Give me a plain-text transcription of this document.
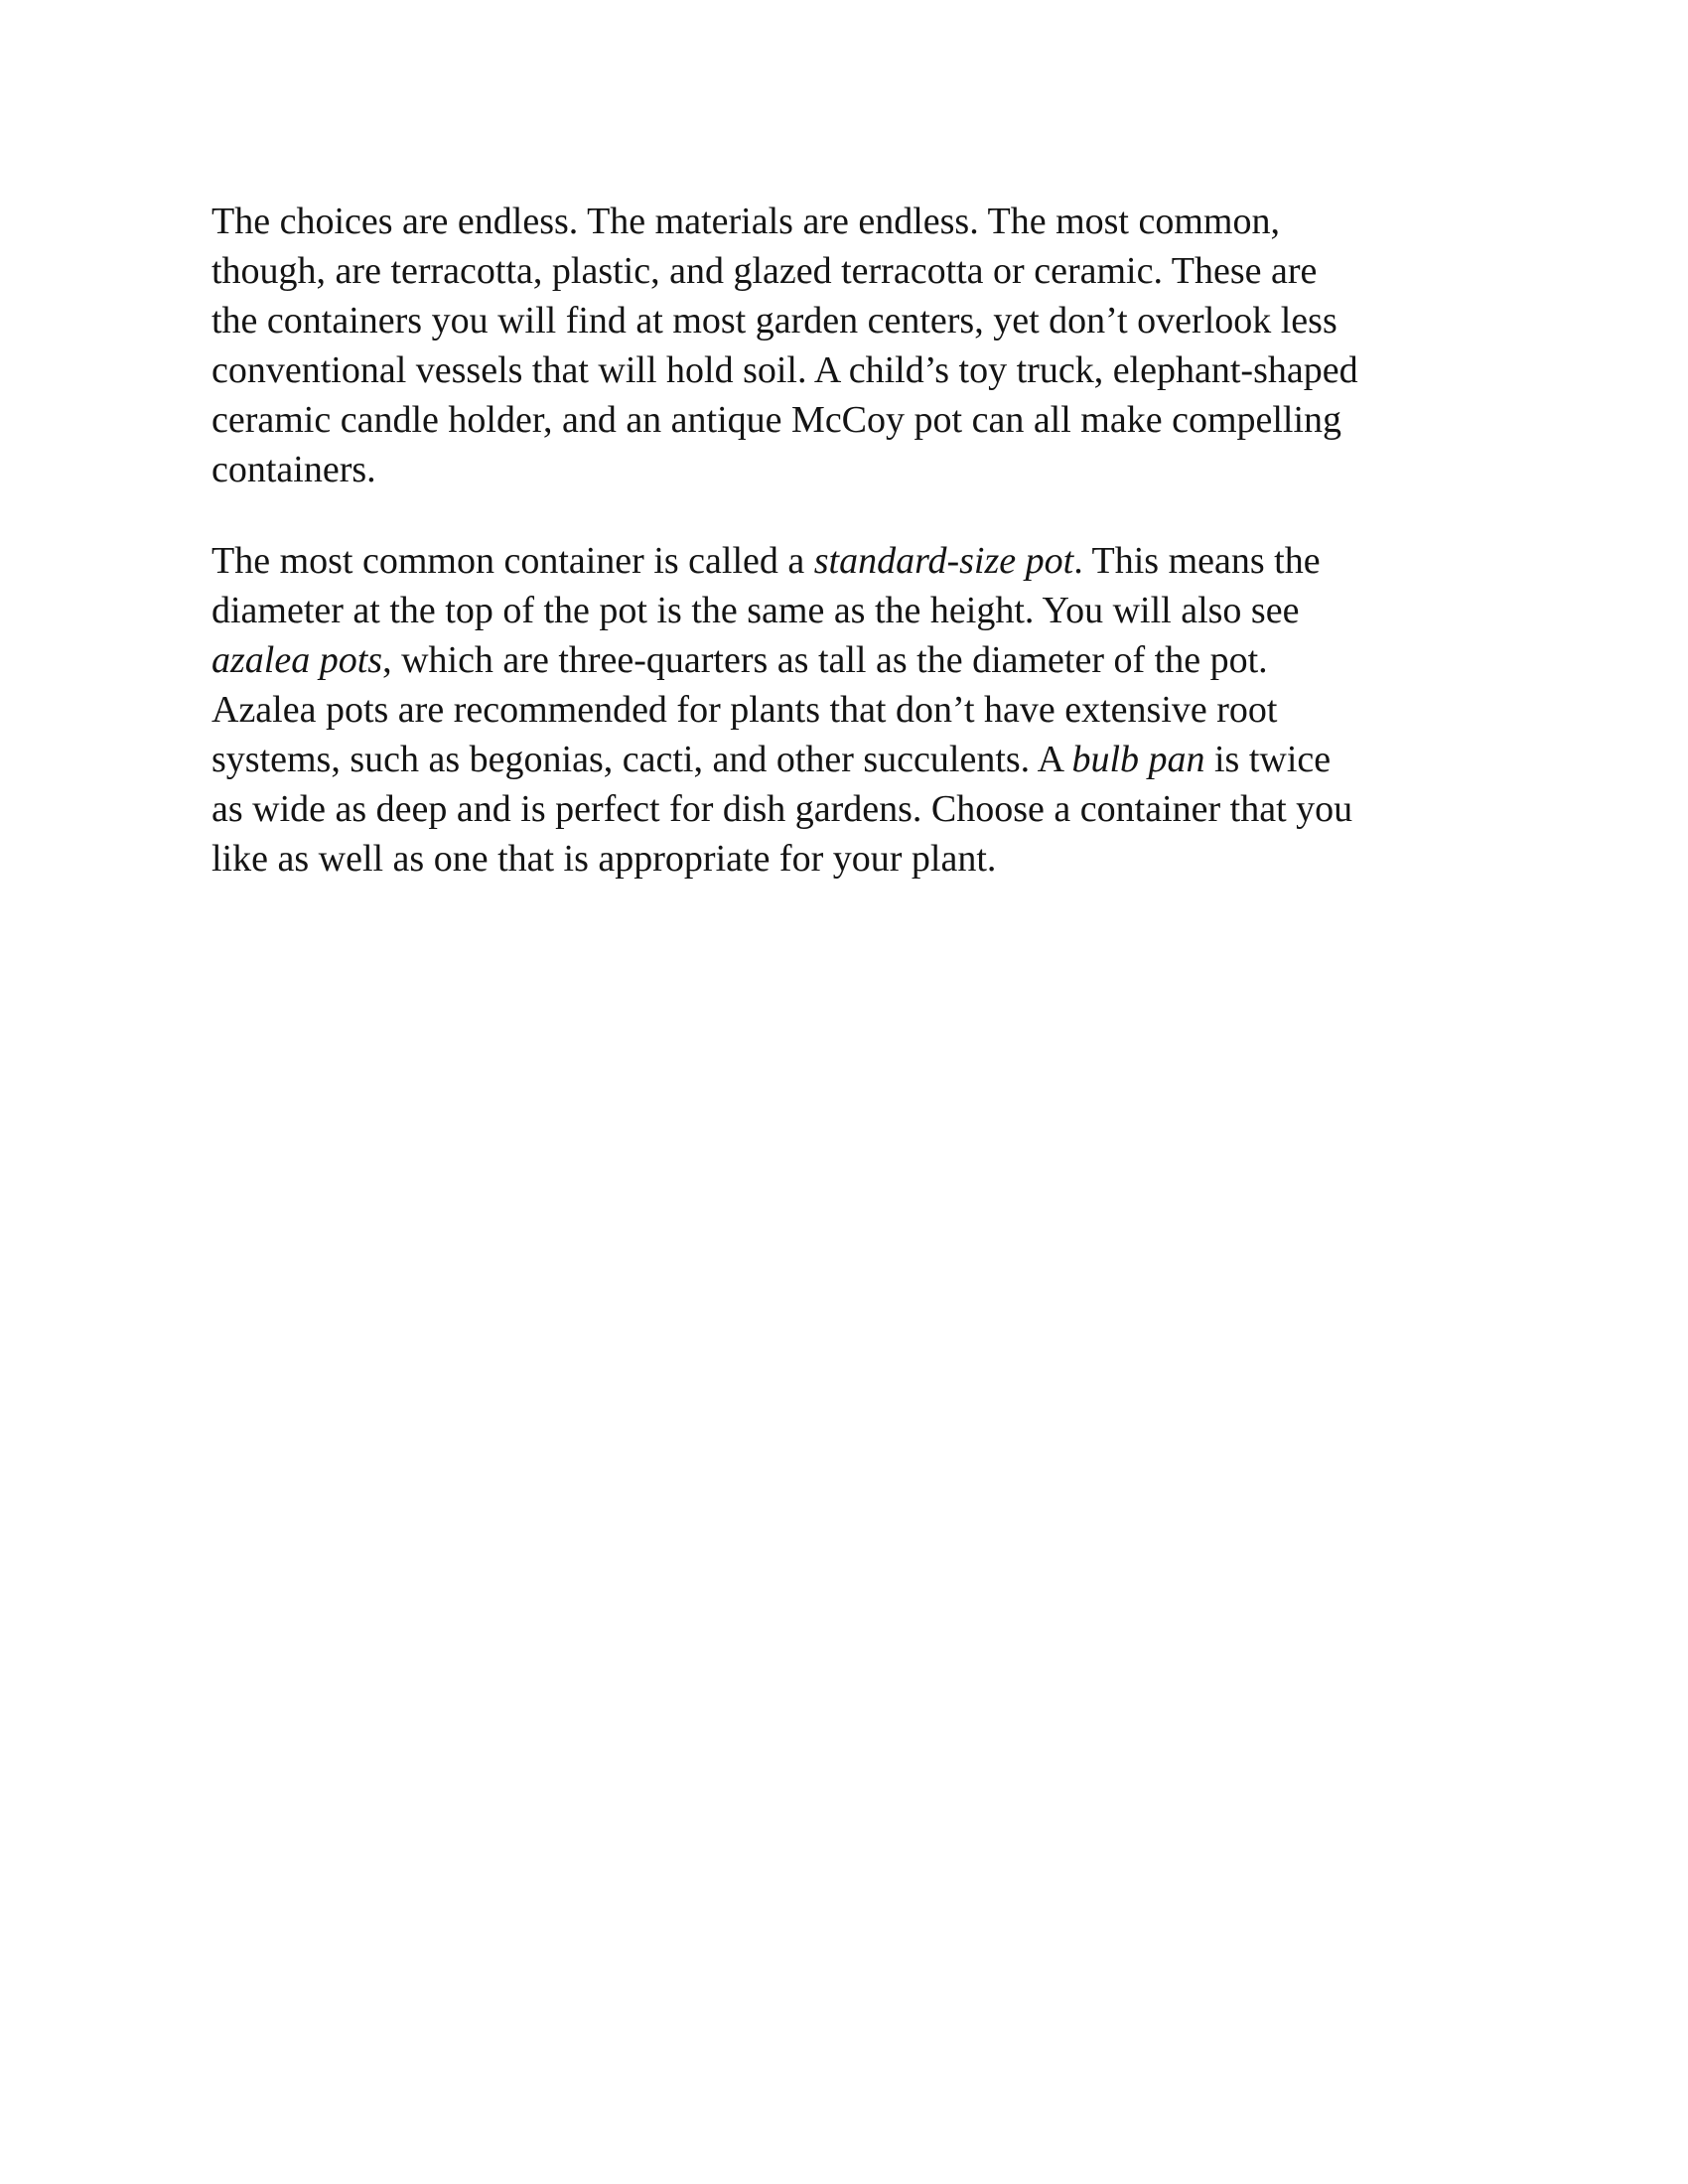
The choices are endless. The materials are endless. The most common,
though, are terracotta, plastic, and glazed terracotta or ceramic. These are
the containers you will find at most garden centers, yet don’t overlook less
conventional vessels that will hold soil. A child’s toy truck, elephant-shaped
ceramic candle holder, and an antique McCoy pot can all make compelling
containers.

The most common container is called a standard-size pot. This means the
diameter at the top of the pot is the same as the height. You will also see
azalea pots, which are three-quarters as tall as the diameter of the pot.
Azalea pots are recommended for plants that don’t have extensive root
systems, such as begonias, cacti, and other succulents. A bulb pan is twice
as wide as deep and is perfect for dish gardens. Choose a container that you
like as well as one that is appropriate for your plant.
